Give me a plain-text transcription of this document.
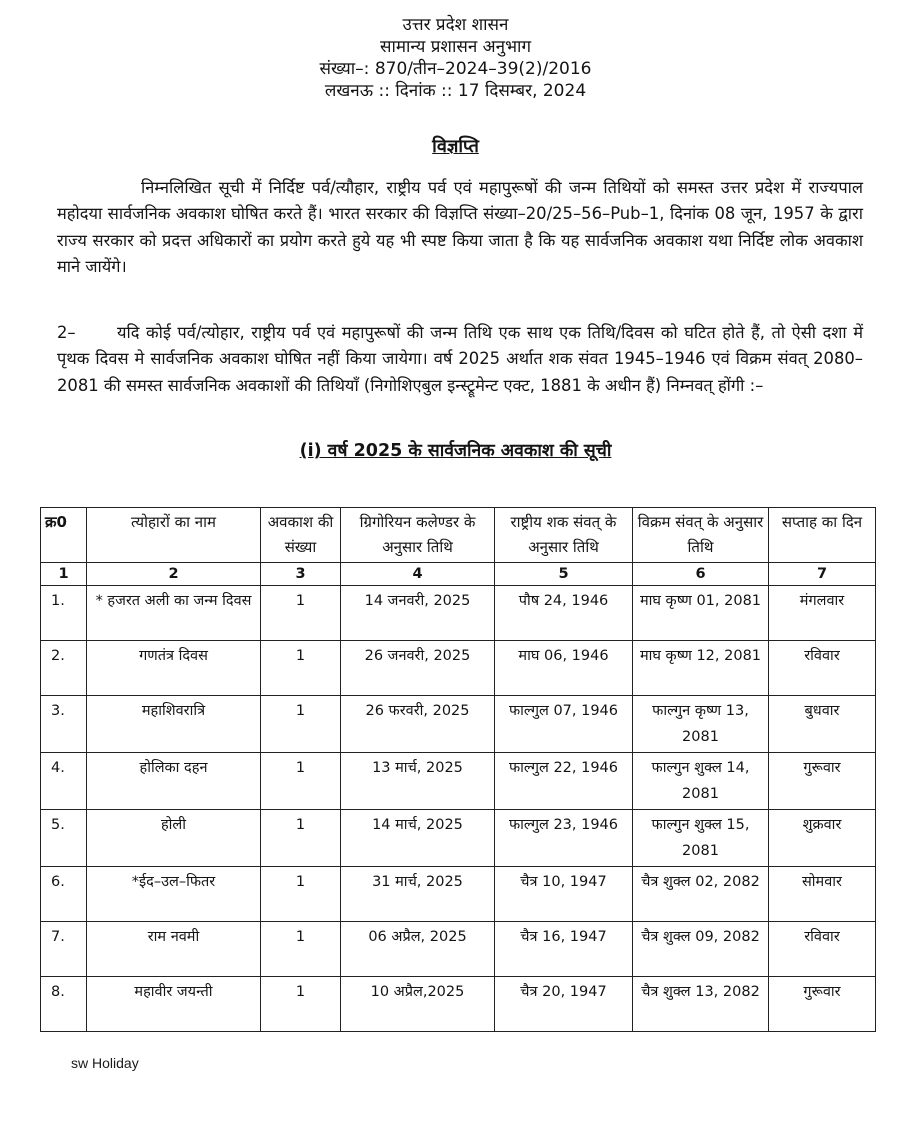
उत्तर प्रदेश शासन
सामान्य प्रशासन अनुभाग
संख्या–: 870/तीन–2024–39(2)/2016
लखनऊ :: दिनांक :: 17 दिसम्बर, 2024
विज्ञप्ति
निम्नलिखित सूची में निर्दिष्ट पर्व/त्यौहार, राष्ट्रीय पर्व एवं महापुरूषों की जन्म तिथियों को समस्त उत्तर प्रदेश में राज्यपाल महोदया सार्वजनिक अवकाश घोषित करते हैं। भारत सरकार की विज्ञप्ति संख्या–20/25–56–Pub–1, दिनांक 08 जून, 1957 के द्वारा राज्य सरकार को प्रदत्त अधिकारों का प्रयोग करते हुये यह भी स्पष्ट किया जाता है कि यह सार्वजनिक अवकाश यथा निर्दिष्ट लोक अवकाश माने जायेंगे।
2–	यदि कोई पर्व/त्योहार, राष्ट्रीय पर्व एवं महापुरूषों की जन्म तिथि एक साथ एक तिथि/दिवस को घटित होते हैं, तो ऐसी दशा में पृथक दिवस मे सार्वजनिक अवकाश घोषित नहीं किया जायेगा। वर्ष 2025 अर्थात शक संवत 1945–1946 एवं विक्रम संवत् 2080–2081 की समस्त सार्वजनिक अवकाशों की तिथियाँ (निगोशिएबुल इन्स्ट्रूमेन्ट एक्ट, 1881 के अधीन हैं) निम्नवत् होंगी :–
(i) वर्ष 2025 के सार्वजनिक अवकाश की सूची
क्र0	त्योहारों का नाम	अवकाश की संख्या	ग्रिगोरियन कलेण्डर के अनुसार तिथि	राष्ट्रीय शक संवत् के अनुसार तिथि	विक्रम संवत् के अनुसार तिथि	सप्ताह का दिन
1	2	3	4	5	6	7
1.	* हजरत अली का जन्म दिवस	1	14 जनवरी, 2025	पौष 24, 1946	माघ कृष्ण 01, 2081	मंगलवार
2.	गणतंत्र दिवस	1	26 जनवरी, 2025	माघ 06, 1946	माघ कृष्ण 12, 2081	रविवार
3.	महाशिवरात्रि	1	26 फरवरी, 2025	फाल्गुल 07, 1946	फाल्गुन कृष्ण 13, 2081	बुधवार
4.	होलिका दहन	1	13 मार्च, 2025	फाल्गुल 22, 1946	फाल्गुन शुक्ल 14, 2081	गुरूवार
5.	होली	1	14 मार्च, 2025	फाल्गुल 23, 1946	फाल्गुन शुक्ल 15, 2081	शुक्रवार
6.	*ईद–उल–फितर	1	31 मार्च, 2025	चैत्र 10, 1947	चैत्र शुक्ल 02, 2082	सोमवार
7.	राम नवमी	1	06 अप्रैल, 2025	चैत्र 16, 1947	चैत्र शुक्ल 09, 2082	रविवार
8.	महावीर जयन्ती	1	10 अप्रैल,2025	चैत्र 20, 1947	चैत्र शुक्ल 13, 2082	गुरूवार
sw Holiday
